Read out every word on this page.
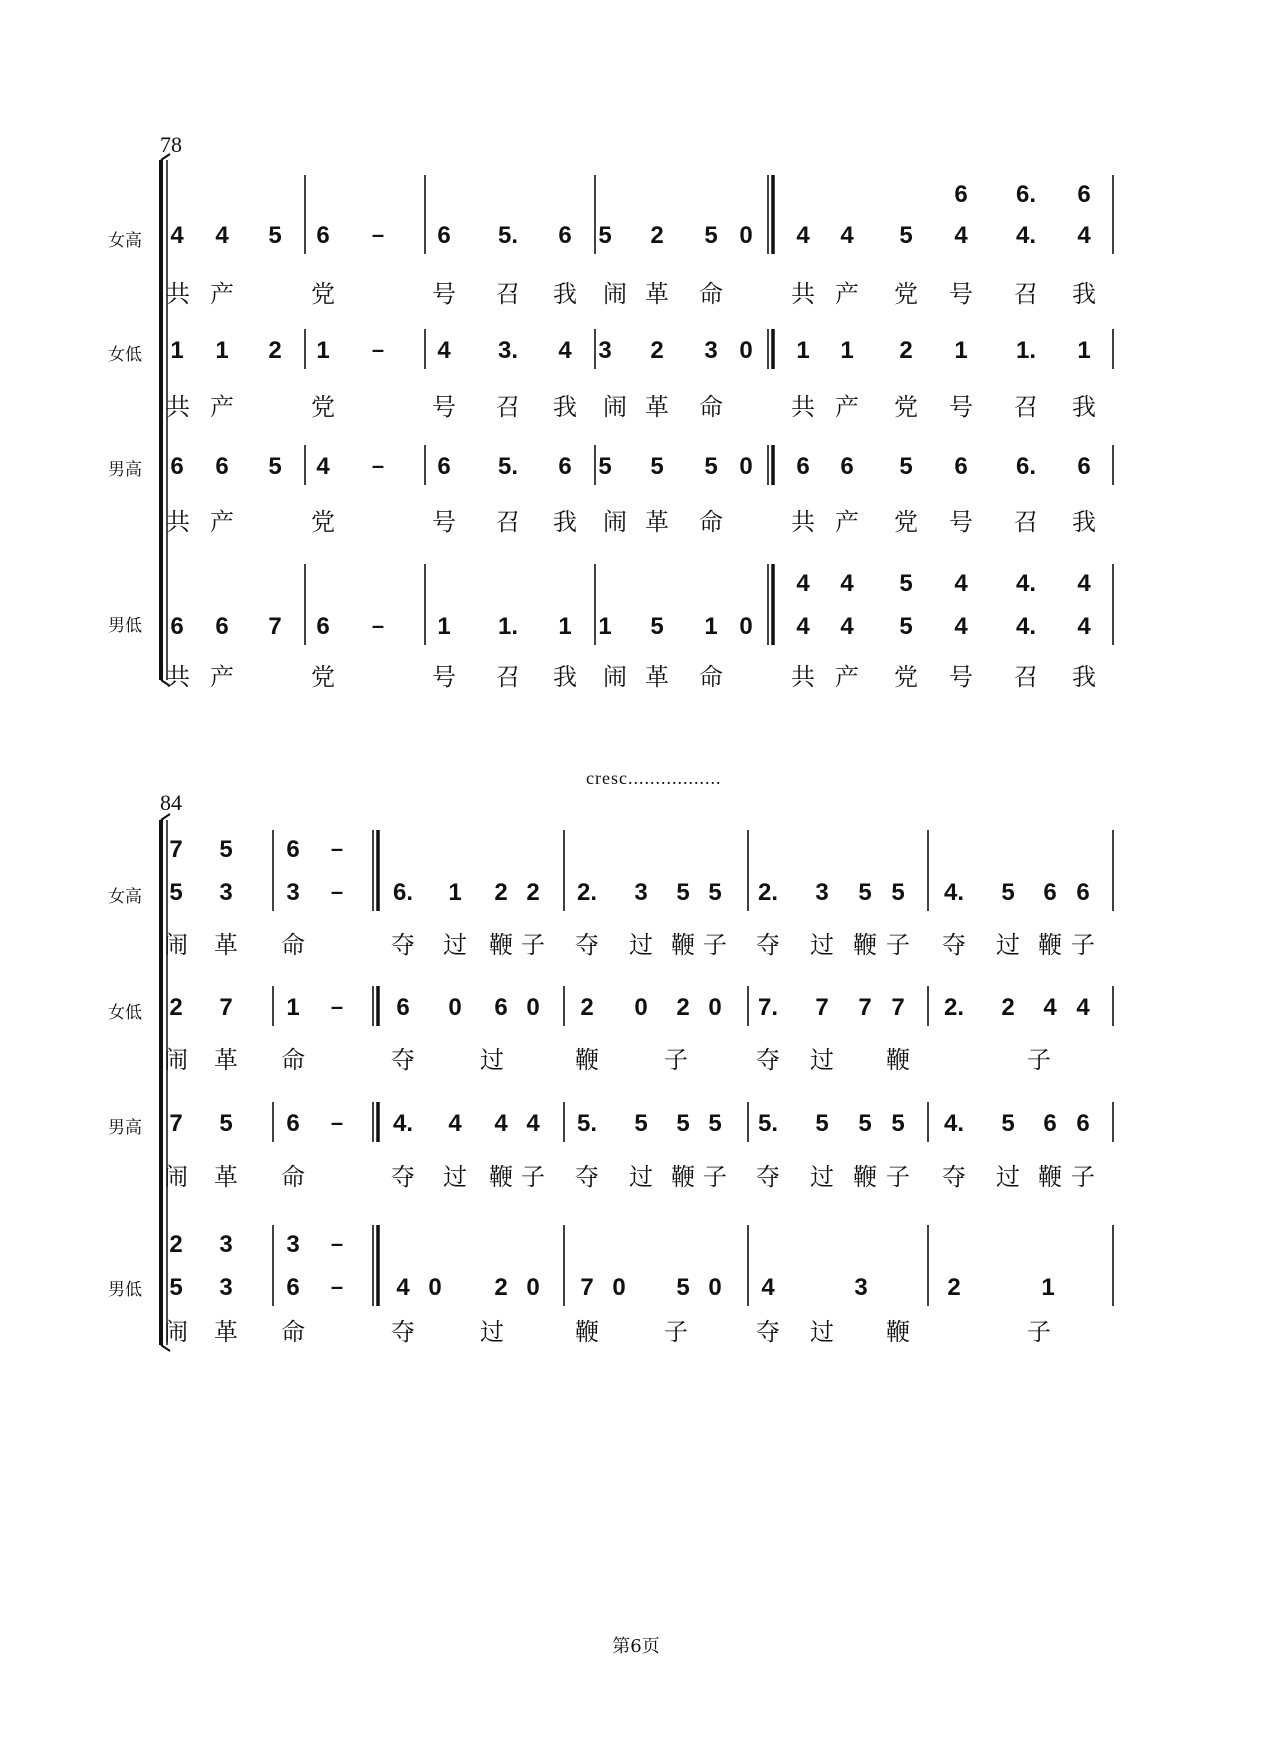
78
女高 4 4 5 6 – 6 5. 6 5 2 5 0 4 4 5 4 4. 4
6 6. 6
共 产	党	号 召 我 闹 革 命	共 产 党 号 召 我
女低 1 1 2 1 – 4 3. 4 3 2 3 0 1 1 2 1 1. 1
共 产	党	号 召 我 闹 革 命	共 产 党 号 召 我
男高 6 6 5 4 – 6 5. 6 5 5 5 0 6 6 5 6 6. 6
共 产	党	号 召 我 闹 革 命	共 产 党 号 召 我
男低 6 6 7 6 – 1 1. 1 1 5 1 0 4 4 5 4 4. 4
4 4 5 4 4. 4
共 产	党	号 召 我 闹 革 命	共 产 党 号 召 我
84
cresc.................
女高 5 3 3 – 6. 1 2 2 2. 3 5 5 2. 3 5 5 4. 5 6 6
7 5 6 –
闹 革 命	夺 过 鞭 子 夺 过 鞭 子 夺 过 鞭 子 夺 过 鞭 子
女低 2 7 1 – 6 0 6 0 2 0 2 0 7. 7 7 7 2. 2 4 4
闹 革 命	夺	过	鞭	子	夺 过 鞭	子
男高 7 5 6 – 4. 4 4 4 5. 5 5 5 5. 5 5 5 4. 5 6 6
闹 革 命	夺 过 鞭 子 夺 过 鞭 子 夺 过 鞭 子 夺 过 鞭 子
男低 5 3 6 – 4 0 2 0 7 0 5 0 4	3	2	1
2 3 3 –
闹 革 命	夺	过	鞭	子	夺 过 鞭	子
第6页
